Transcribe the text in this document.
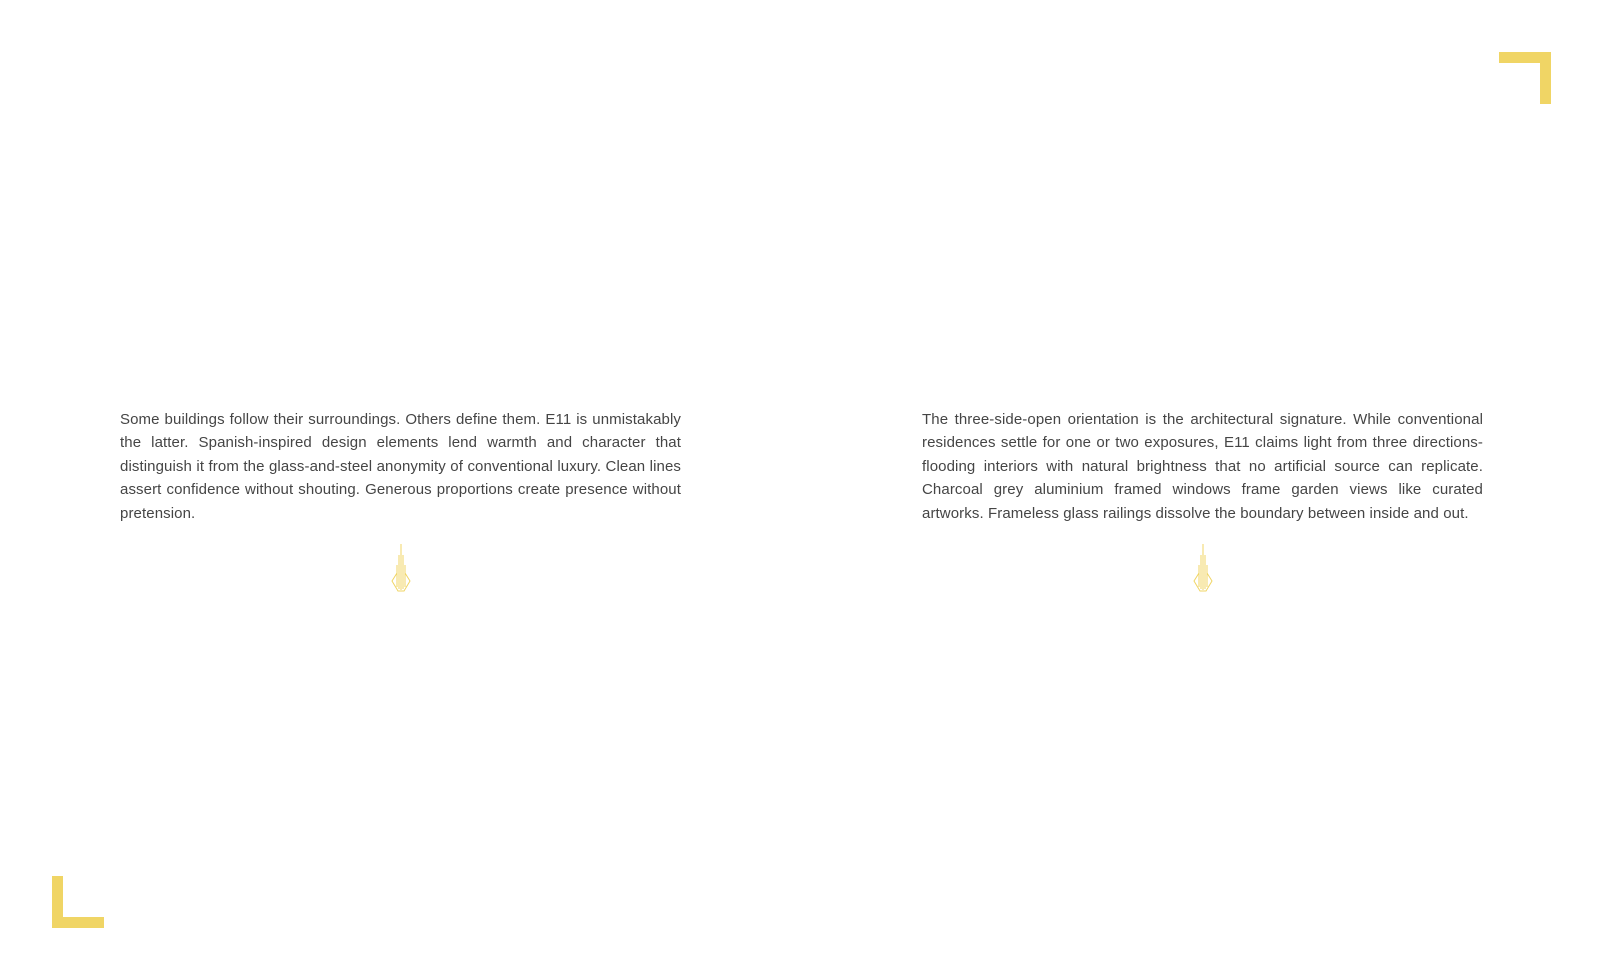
Some buildings follow their surroundings. Others define them. E11 is unmistakably the latter. Spanish-inspired design elements lend warmth and character that distinguish it from the glass-and-steel anonymity of conventional luxury. Clean lines assert confidence without shouting. Generous proportions create presence without pretension.

The three-side-open orientation is the architectural signature. While conventional residences settle for one or two exposures, E11 claims light from three directions-flooding interiors with natural brightness that no artificial source can replicate. Charcoal grey aluminium framed windows frame garden views like curated artworks. Frameless glass railings dissolve the boundary between inside and out.
